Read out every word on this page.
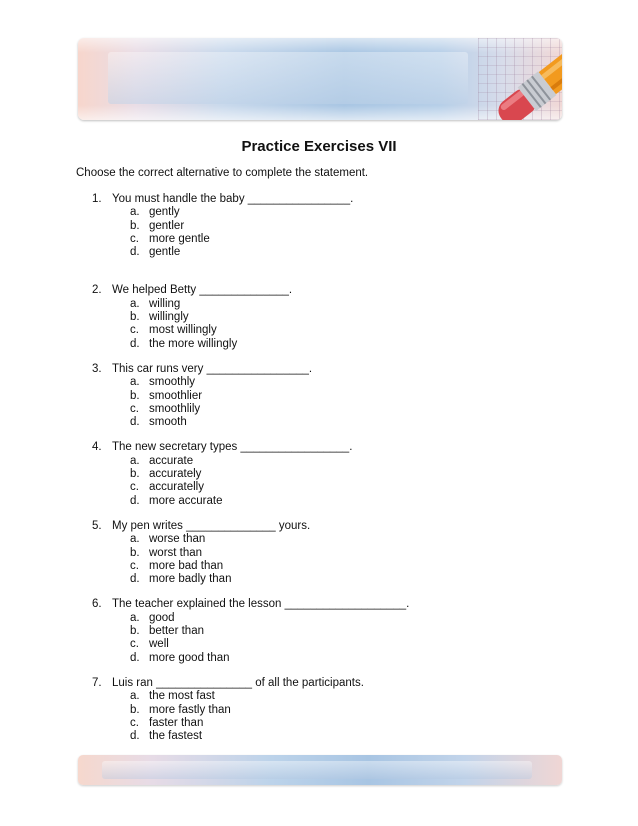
Practice Exercises VII

Choose the correct alternative to complete the statement.

1. You must handle the baby ________________.
a. gently
b. gentler
c. more gentle
d. gentle
2. We helped Betty ______________.
a. willing
b. willingly
c. most willingly
d. the more willingly
3. This car runs very ________________.
a. smoothly
b. smoothlier
c. smoothlily
d. smooth
4. The new secretary types _________________.
a. accurate
b. accurately
c. accuratelly
d. more accurate
5. My pen writes ______________ yours.
a. worse than
b. worst than
c. more bad than
d. more badly than
6. The teacher explained the lesson ___________________.
a. good
b. better than
c. well
d. more good than
7. Luis ran _______________ of all the participants.
a. the most fast
b. more fastly than
c. faster than
d. the fastest
